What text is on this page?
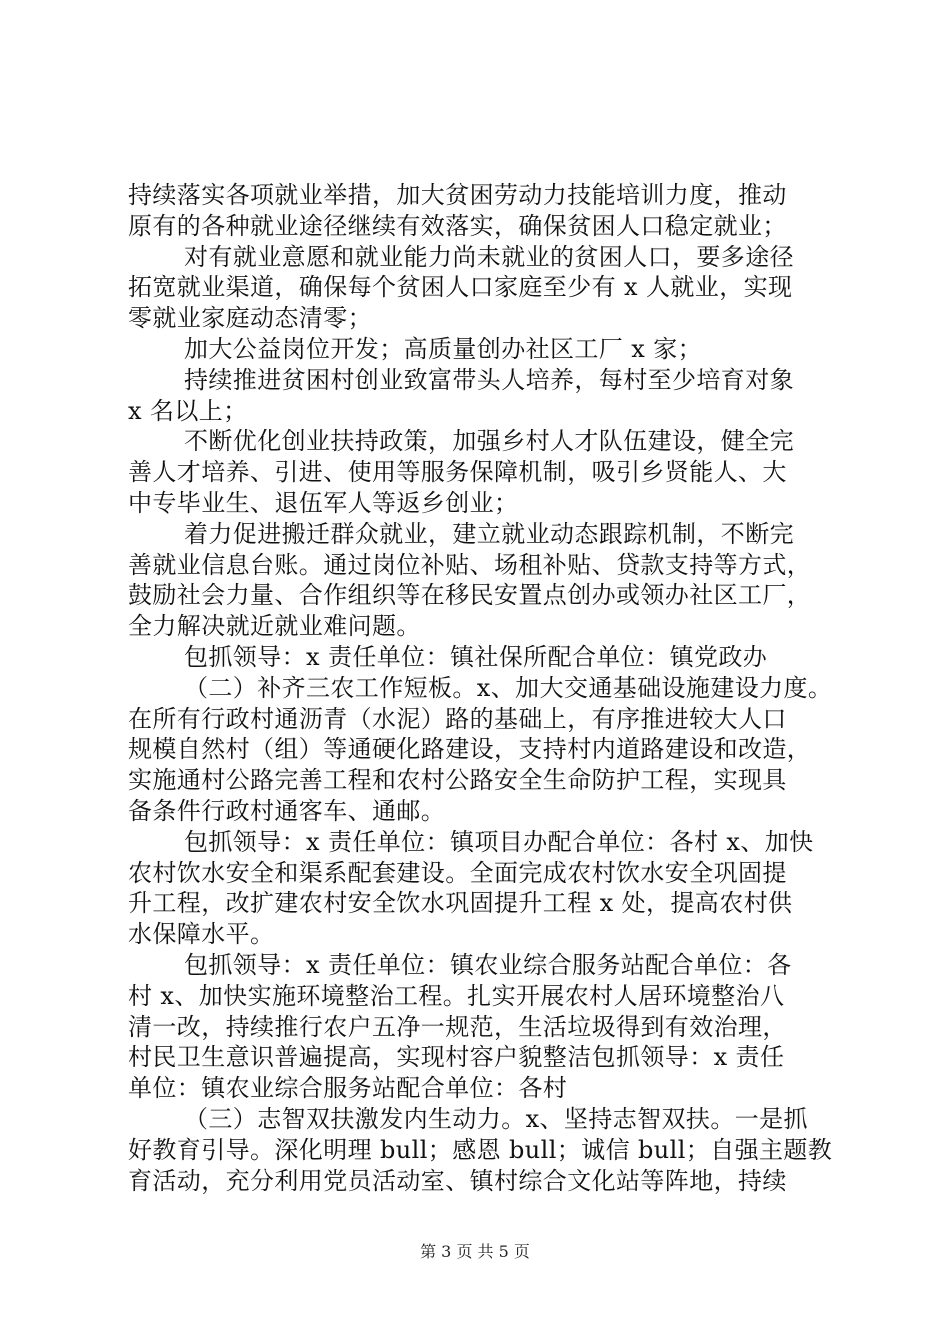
持续落实各项就业举措，加大贫困劳动力技能培训力度，推动
原有的各种就业途径继续有效落实，确保贫困人口稳定就业；
对有就业意愿和就业能力尚未就业的贫困人口，要多途径
拓宽就业渠道，确保每个贫困人口家庭至少有 x 人就业，实现
零就业家庭动态清零；
加大公益岗位开发；高质量创办社区工厂 x 家；
持续推进贫困村创业致富带头人培养，每村至少培育对象
x 名以上；
不断优化创业扶持政策，加强乡村人才队伍建设，健全完
善人才培养、引进、使用等服务保障机制，吸引乡贤能人、大
中专毕业生、退伍军人等返乡创业；
着力促进搬迁群众就业，建立就业动态跟踪机制，不断完
善就业信息台账。通过岗位补贴、场租补贴、贷款支持等方式，
鼓励社会力量、合作组织等在移民安置点创办或领办社区工厂，
全力解决就近就业难问题。
包抓领导：x 责任单位：镇社保所配合单位：镇党政办
（二）补齐三农工作短板。x、加大交通基础设施建设力度。
在所有行政村通沥青（水泥）路的基础上，有序推进较大人口
规模自然村（组）等通硬化路建设，支持村内道路建设和改造，
实施通村公路完善工程和农村公路安全生命防护工程，实现具
备条件行政村通客车、通邮。
包抓领导：x 责任单位：镇项目办配合单位：各村 x、加快
农村饮水安全和渠系配套建设。全面完成农村饮水安全巩固提
升工程，改扩建农村安全饮水巩固提升工程 x 处，提高农村供
水保障水平。
包抓领导：x 责任单位：镇农业综合服务站配合单位：各
村 x、加快实施环境整治工程。扎实开展农村人居环境整治八
清一改，持续推行农户五净一规范，生活垃圾得到有效治理，
村民卫生意识普遍提高，实现村容户貌整洁包抓领导：x 责任
单位：镇农业综合服务站配合单位：各村
（三）志智双扶激发内生动力。x、坚持志智双扶。一是抓
好教育引导。深化明理 bull；感恩 bull；诚信 bull；自强主题教
育活动，充分利用党员活动室、镇村综合文化站等阵地，持续
第 3 页 共 5 页
